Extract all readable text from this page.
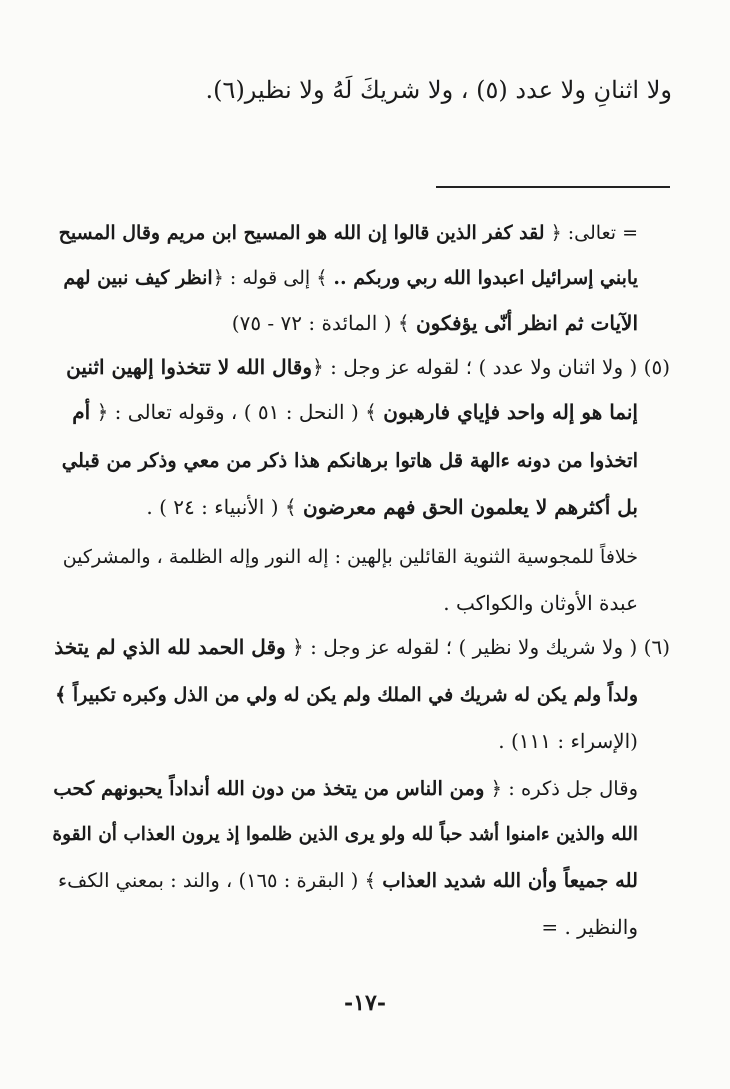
ولا اثنانِ ولا عدد (٥) ، ولا شريكَ لَهُ ولا نظير(٦).
= تعالى: ﴿ لقد كفر الذين قالوا إن الله هو المسيح ابن مريم وقال المسيح
يابني إسرائيل اعبدوا الله ربي وربكم .. ﴾ إلى قوله : ﴿انظر كيف نبين لهم
الآيات ثم انظر أنّى يؤفكون ﴾ ( المائدة : ٧٢ - ٧٥)
(٥) ( ولا اثنان ولا عدد ) ؛ لقوله عز وجل : ﴿وقال الله لا تتخذوا إلهين اثنين
إنما هو إله واحد فإياي فارهبون ﴾ ( النحل : ٥١ ) ، وقوله تعالى : ﴿ أم
اتخذوا من دونه ءالهة قل هاتوا برهانكم هذا ذكر من معي وذكر من قبلي
بل أكثرهم لا يعلمون الحق فهم معرضون ﴾ ( الأنبياء : ٢٤ ) .
خلافاً للمجوسية الثنوية القائلين بإلهين : إله النور وإله الظلمة ، والمشركين
عبدة الأوثان والكواكب .
(٦) ( ولا شريك ولا نظير ) ؛ لقوله عز وجل : ﴿ وقل الحمد لله الذي لم يتخذ
ولداً ولم يكن له شريك في الملك ولم يكن له ولي من الذل وكبره تكبيراً ﴾
(الإسراء : ١١١) .
وقال جل ذكره : ﴿ ومن الناس من يتخذ من دون الله أنداداً يحبونهم كحب
الله والذين ءامنوا أشد حباً لله ولو يرى الذين ظلموا إذ يرون العذاب أن القوة
لله جميعاً وأن الله شديد العذاب ﴾ ( البقرة : ١٦٥) ، والند : بمعني الكفء
والنظير . =
-١٧-
